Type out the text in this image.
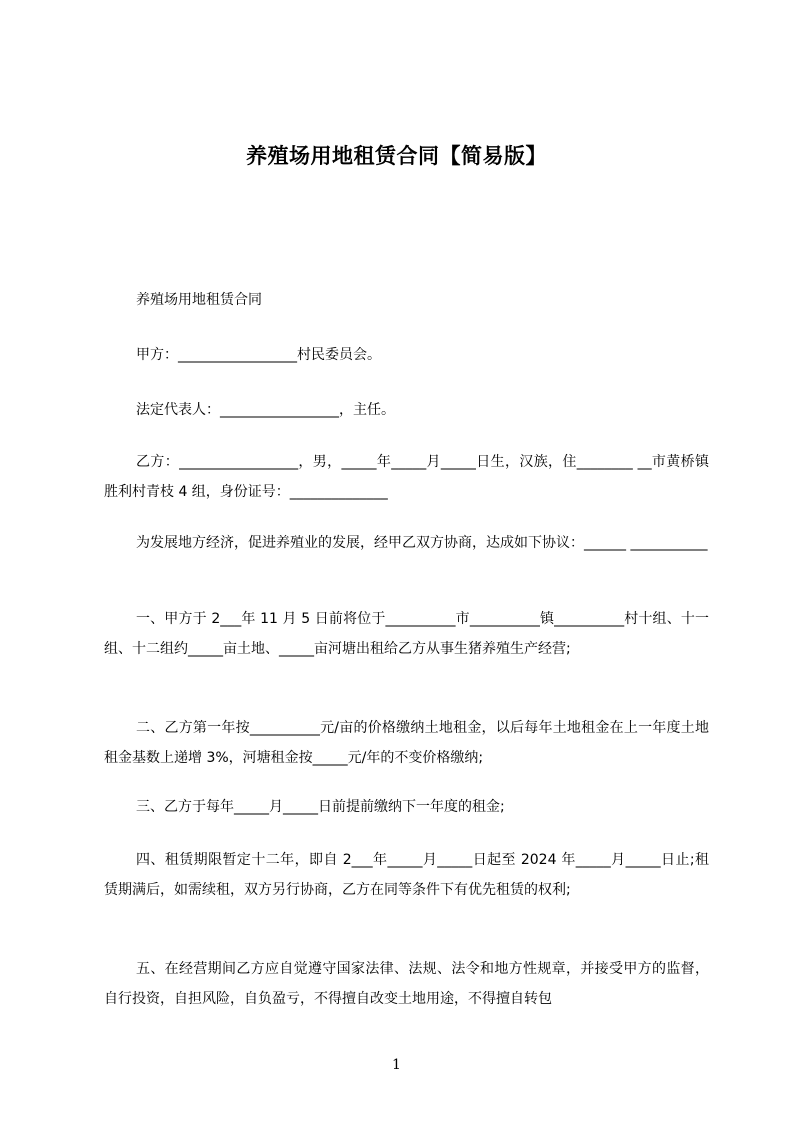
养殖场用地租赁合同【简易版】

养殖场用地租赁合同

甲方：_________________村民委员会。

法定代表人：_________________，主任。

乙方：_________________，男，_____年_____月_____日生，汉族，住________ __市黄桥镇胜利村青枝 4 组，身份证号：______________

为发展地方经济，促进养殖业的发展，经甲乙双方协商，达成如下协议：______ ___________

一、甲方于 2___年 11 月 5 日前将位于__________市__________镇__________村十组、十一组、十二组约_____亩土地、_____亩河塘出租给乙方从事生猪养殖生产经营;

二、乙方第一年按__________元/亩的价格缴纳土地租金，以后每年土地租金在上一年度土地租金基数上递增 3%，河塘租金按_____元/年的不变价格缴纳;

三、乙方于每年_____月_____日前提前缴纳下一年度的租金;

四、租赁期限暂定十二年，即自 2___年_____月_____日起至 2024 年_____月_____日止;租赁期满后，如需续租，双方另行协商，乙方在同等条件下有优先租赁的权利;

五、在经营期间乙方应自觉遵守国家法律、法规、法令和地方性规章，并接受甲方的监督，自行投资，自担风险，自负盈亏，不得擅自改变土地用途，不得擅自转包

1
